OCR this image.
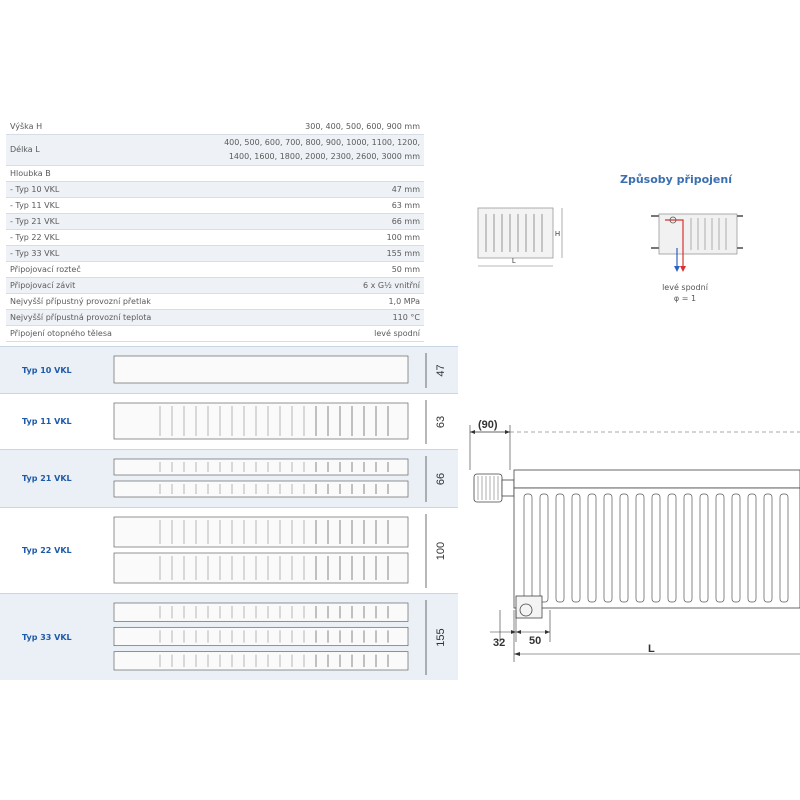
Výška H	300, 400, 500, 600, 900 mm
Délka L	400, 500, 600, 700, 800, 900, 1000, 1100, 1200,
1400, 1600, 1800, 2000, 2300, 2600, 3000 mm

Hloubka B	
- Typ 10 VKL	47 mm
- Typ 11 VKL	63 mm
- Typ 21 VKL	66 mm
- Typ 22 VKL	100 mm
- Typ 33 VKL	155 mm
Připojovací rozteč	50 mm
Připojovací závit	6 x G½ vnitřní
Nejvyšší přípustný provozní přetlak	1,0 MPa
Nejvyšší přípustná provozní teplota	110 °C
Připojení otopného tělesa	levé spodní
Způsoby připojení
H
L
levé spodní
φ = 1
Typ 10 VKL	47
Typ 11 VKL	63
Typ 21 VKL	66
Typ 22 VKL	100
Typ 33 VKL	155
(90)
32 50
L
